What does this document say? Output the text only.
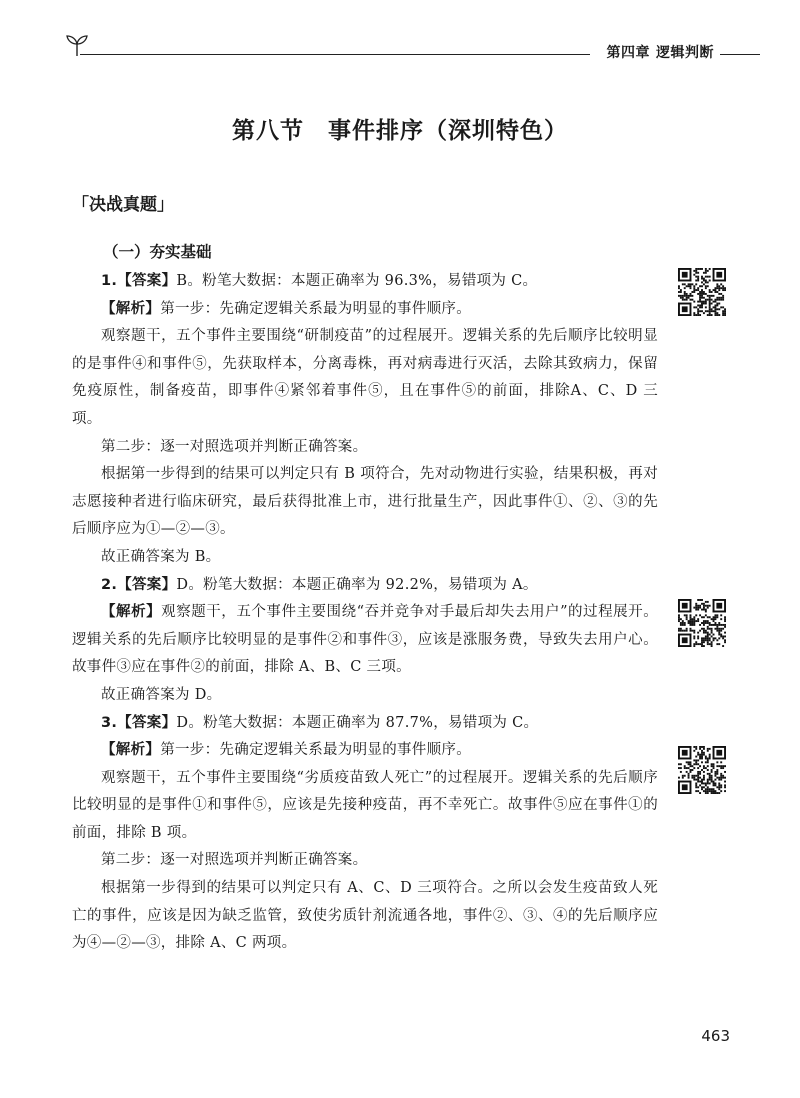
第四章 逻辑判断
第八节　事件排序（深圳特色）
「决战真题」
（一）夯实基础

1.【答案】B。粉笔大数据：本题正确率为 96.3%，易错项为 C。

【解析】第一步：先确定逻辑关系最为明显的事件顺序。

观察题干，五个事件主要围绕“研制疫苗”的过程展开。逻辑关系的先后顺序比较明显的是事件④和事件⑤，先获取样本，分离毒株，再对病毒进行灭活，去除其致病力，保留免疫原性，制备疫苗，即事件④紧邻着事件⑤，且在事件⑤的前面，排除A、C、D 三项。

第二步：逐一对照选项并判断正确答案。

根据第一步得到的结果可以判定只有 B 项符合，先对动物进行实验，结果积极，再对志愿接种者进行临床研究，最后获得批准上市，进行批量生产，因此事件①、②、③的先后顺序应为①—②—③。

故正确答案为 B。

2.【答案】D。粉笔大数据：本题正确率为 92.2%，易错项为 A。

【解析】观察题干，五个事件主要围绕“吞并竞争对手最后却失去用户”的过程展开。逻辑关系的先后顺序比较明显的是事件②和事件③，应该是涨服务费，导致失去用户心。故事件③应在事件②的前面，排除 A、B、C 三项。

故正确答案为 D。

3.【答案】D。粉笔大数据：本题正确率为 87.7%，易错项为 C。

【解析】第一步：先确定逻辑关系最为明显的事件顺序。

观察题干，五个事件主要围绕“劣质疫苗致人死亡”的过程展开。逻辑关系的先后顺序比较明显的是事件①和事件⑤，应该是先接种疫苗，再不幸死亡。故事件⑤应在事件①的前面，排除 B 项。

第二步：逐一对照选项并判断正确答案。

根据第一步得到的结果可以判定只有 A、C、D 三项符合。之所以会发生疫苗致人死亡的事件，应该是因为缺乏监管，致使劣质针剂流通各地，事件②、③、④的先后顺序应为④—②—③，排除 A、C 两项。

463
